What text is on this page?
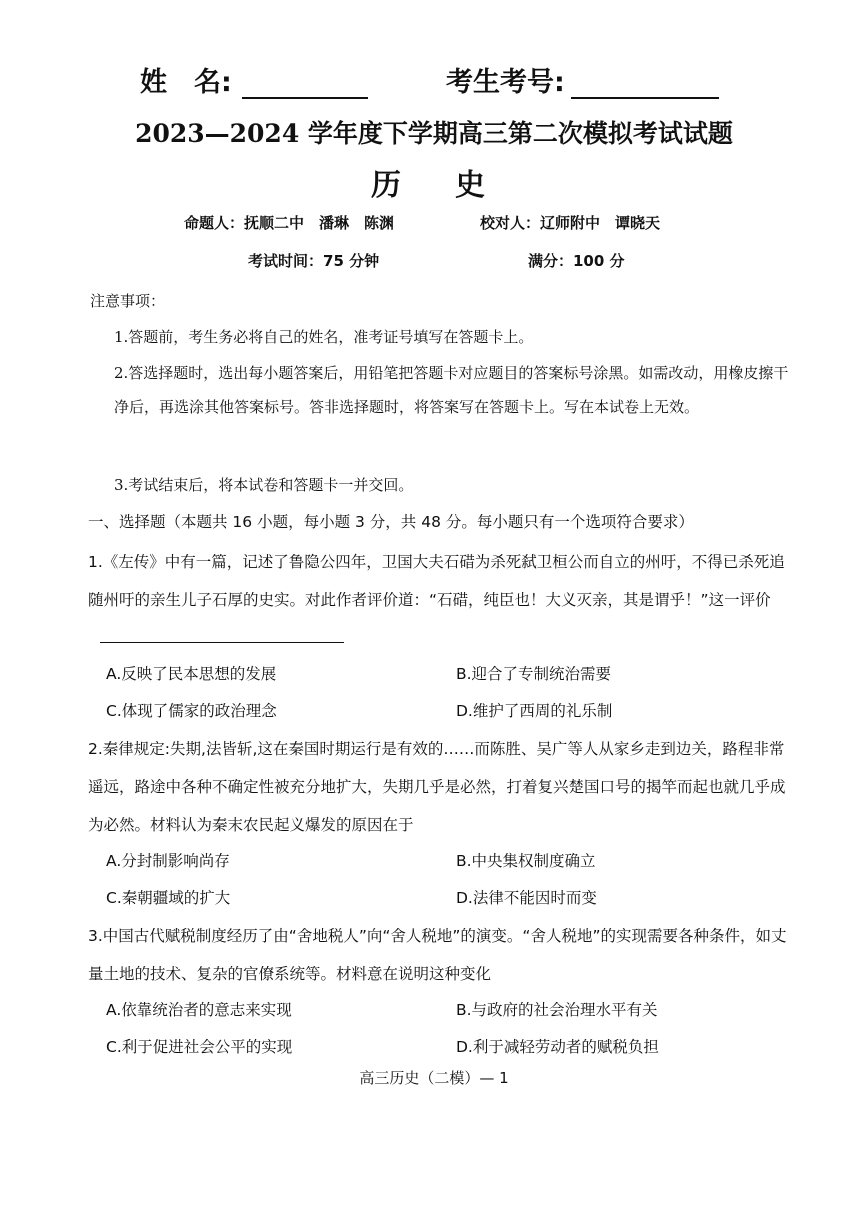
姓　名:	考生考号:
2023—2024 学年度下学期高三第二次模拟考试试题
历　史
命题人：抚顺二中　潘琳　陈渊	校对人：辽师附中　谭晓天
考试时间：75 分钟	满分：100 分
注意事项：

1.答题前，考生务必将自己的姓名，准考证号填写在答题卡上。

2.答选择题时，选出每小题答案后，用铅笔把答题卡对应题目的答案标号涂黑。如需改动，用橡皮擦干净后，再选涂其他答案标号。答非选择题时，将答案写在答题卡上。写在本试卷上无效。

3.考试结束后，将本试卷和答题卡一并交回。

一、选择题（本题共 16 小题，每小题 3 分，共 48 分。每小题只有一个选项符合要求）

1.《左传》中有一篇，记述了鲁隐公四年，卫国大夫石碏为杀死弑卫桓公而自立的州吁，不得已杀死追随州吁的亲生儿子石厚的史实。对此作者评价道：“石碏，纯臣也！大义灭亲，其是谓乎！”这一评价

A.反映了民本思想的发展	B.迎合了专制统治需要
C.体现了儒家的政治理念	D.维护了西周的礼乐制

2.秦律规定:失期,法皆斩,这在秦国时期运行是有效的……而陈胜、吴广等人从家乡走到边关，路程非常遥远，路途中各种不确定性被充分地扩大，失期几乎是必然，打着复兴楚国口号的揭竿而起也就几乎成为必然。材料认为秦末农民起义爆发的原因在于

A.分封制影响尚存	B.中央集权制度确立
C.秦朝疆域的扩大	D.法律不能因时而变

3.中国古代赋税制度经历了由“舍地税人”向“舍人税地”的演变。“舍人税地”的实现需要各种条件，如丈量土地的技术、复杂的官僚系统等。材料意在说明这种变化

A.依靠统治者的意志来实现	B.与政府的社会治理水平有关
C.利于促进社会公平的实现	D.利于减轻劳动者的赋税负担
高三历史（二模）— 1
